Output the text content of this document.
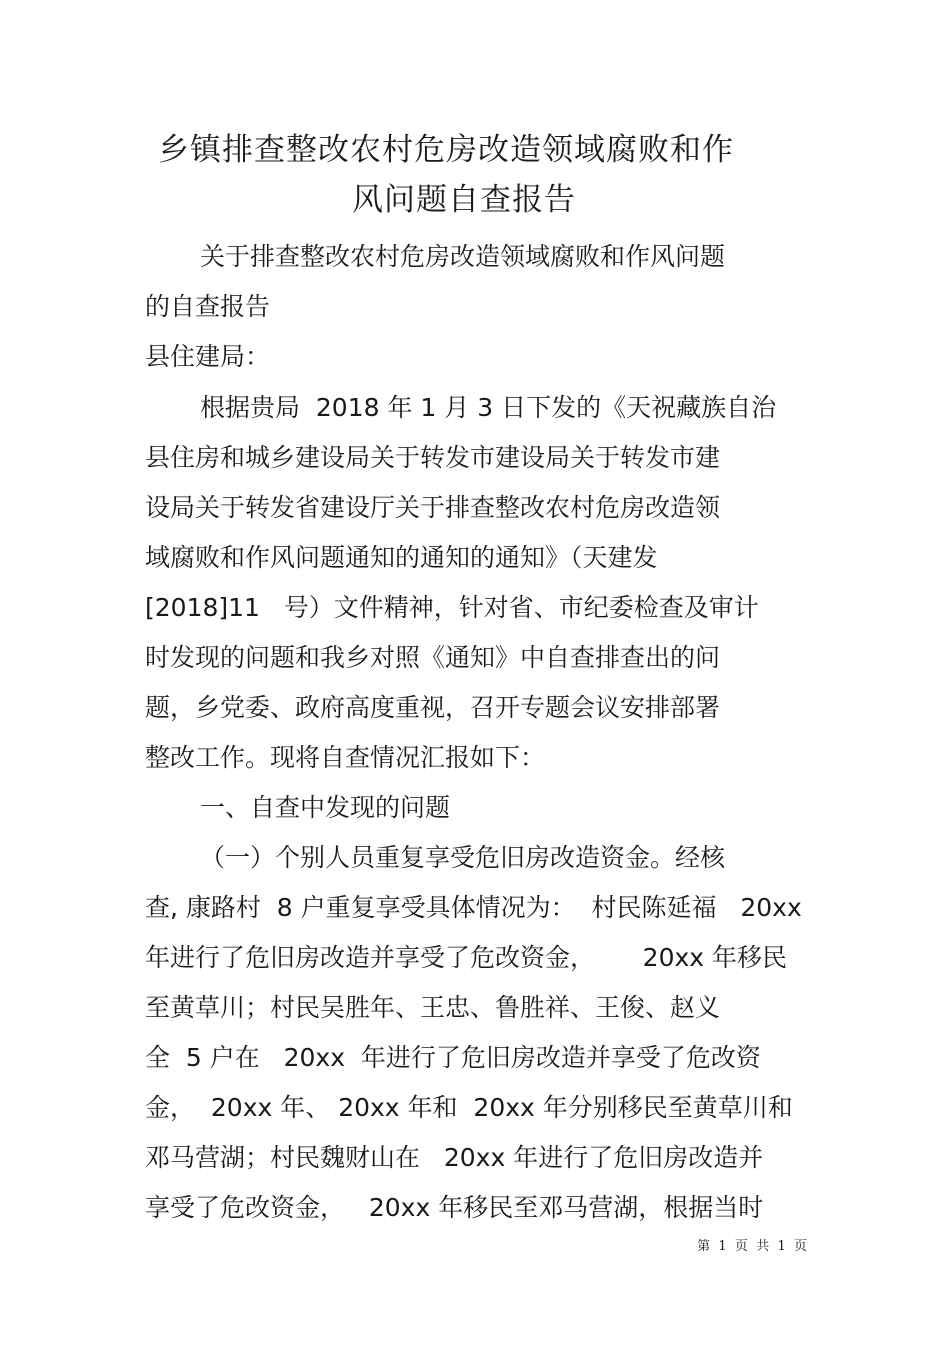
乡镇排查整改农村危房改造领域腐败和作
风问题自查报告
关于排查整改农村危房改造领域腐败和作风问题
的自查报告
县住建局：
根据贵局  2018 年 1 月 3 日下发的《天祝藏族自治
县住房和城乡建设局关于转发市建设局关于转发市建
设局关于转发省建设厅关于排查整改农村危房改造领
域腐败和作风问题通知的通知的通知》（天建发
[2018]11   号）文件精神，针对省、市纪委检查及审计
时发现的问题和我乡对照《通知》中自查排查出的问
题，乡党委、政府高度重视，召开专题会议安排部署
整改工作。现将自查情况汇报如下：
一、自查中发现的问题
（一）个别人员重复享受危旧房改造资金。经核
查, 康路村  8 户重复享受具体情况为：  村民陈延福   20xx
年进行了危旧房改造并享受了危改资金，      20xx 年移民
至黄草川；村民吴胜年、王忠、鲁胜祥、王俊、赵义
全  5 户在   20xx  年进行了危旧房改造并享受了危改资
金，  20xx 年、 20xx 年和  20xx 年分别移民至黄草川和
邓马营湖；村民魏财山在   20xx 年进行了危旧房改造并
享受了危改资金，   20xx 年移民至邓马营湖，根据当时
第  1  页  共  1  页
